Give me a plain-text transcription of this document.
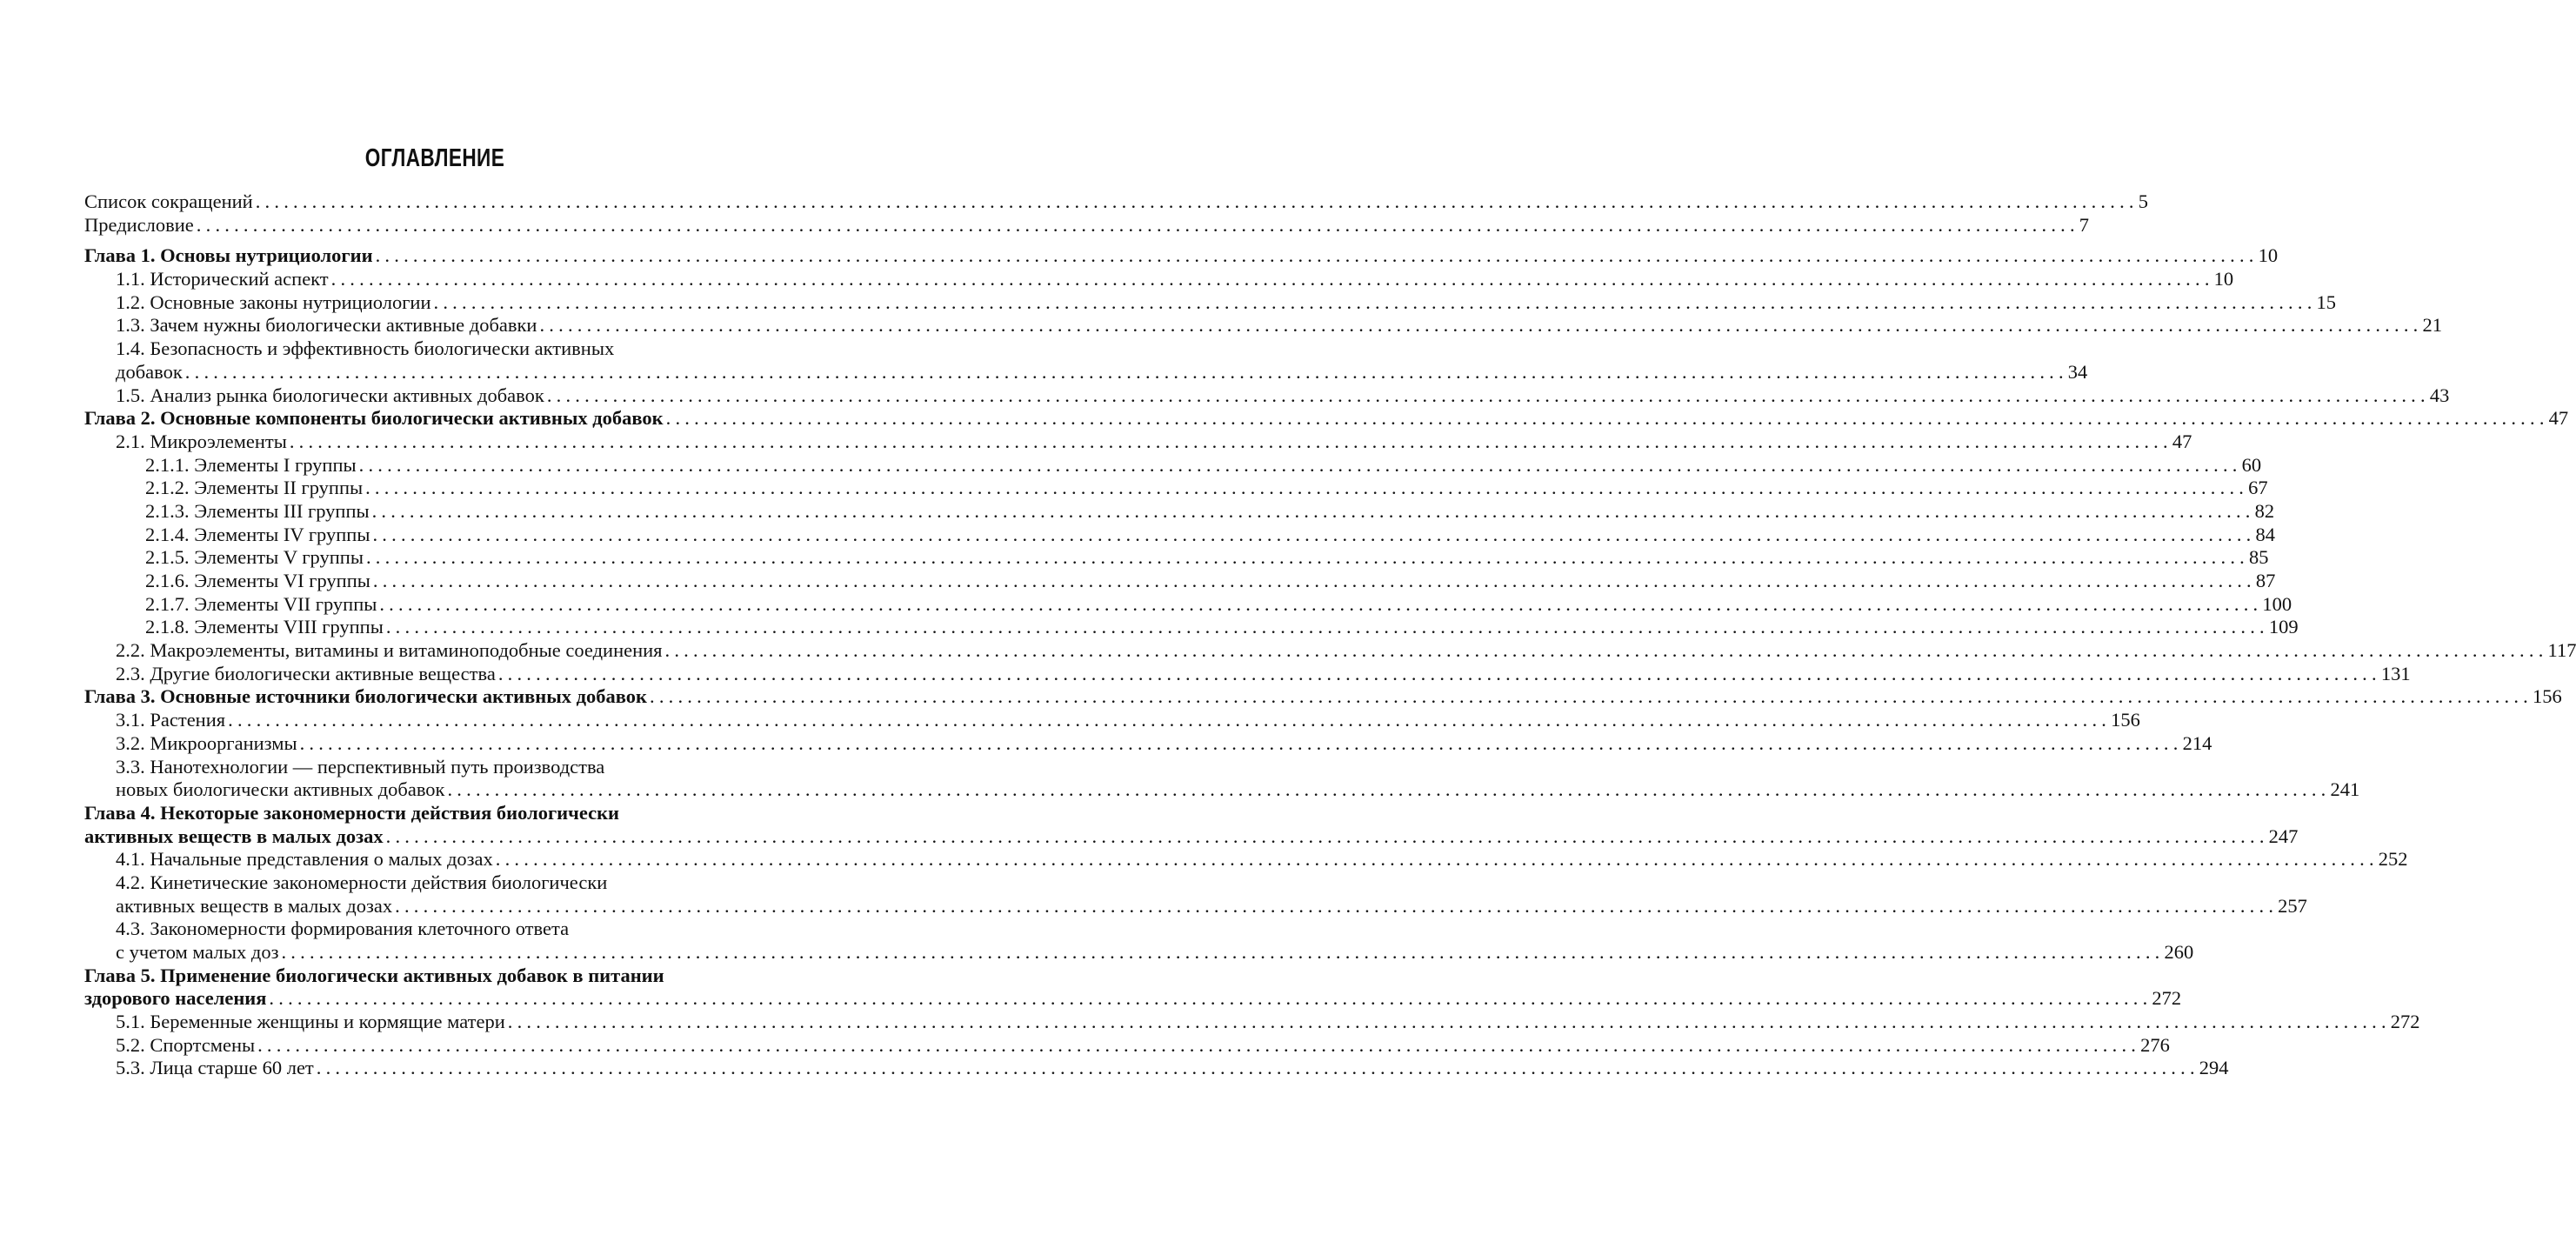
ОГЛАВЛЕНИЕ
Список сокращений ........................................................................................................................................................................................................ 5
Предисловие ........................................................................................................................................................................................................ 7
Глава 1. Основы нутрициологии ........................................................................................................................................................................................................ 10
1.1. Исторический аспект ........................................................................................................................................................................................................ 10
1.2. Основные законы нутрициологии ........................................................................................................................................................................................................ 15
1.3. Зачем нужны биологически активные добавки ........................................................................................................................................................................................................ 21
1.4. Безопасность и эффективность биологически активных
добавок ........................................................................................................................................................................................................ 34
1.5. Анализ рынка биологически активных добавок ........................................................................................................................................................................................................ 43
Глава 2. Основные компоненты биологически активных добавок ........................................................................................................................................................................................................ 47
2.1. Микроэлементы ........................................................................................................................................................................................................ 47
2.1.1. Элементы I группы ........................................................................................................................................................................................................ 60
2.1.2. Элементы II группы ........................................................................................................................................................................................................ 67
2.1.3. Элементы III группы ........................................................................................................................................................................................................ 82
2.1.4. Элементы IV группы ........................................................................................................................................................................................................ 84
2.1.5. Элементы V группы ........................................................................................................................................................................................................ 85
2.1.6. Элементы VI группы ........................................................................................................................................................................................................ 87
2.1.7. Элементы VII группы ........................................................................................................................................................................................................ 100
2.1.8. Элементы VIII группы ........................................................................................................................................................................................................ 109
2.2. Макроэлементы, витамины и витаминоподобные соединения ........................................................................................................................................................................................................ 117
2.3. Другие биологически активные вещества ........................................................................................................................................................................................................ 131
Глава 3. Основные источники биологически активных добавок ........................................................................................................................................................................................................ 156
3.1. Растения ........................................................................................................................................................................................................ 156
3.2. Микроорганизмы ........................................................................................................................................................................................................ 214
3.3. Нанотехнологии — перспективный путь производства
новых биологически активных добавок ........................................................................................................................................................................................................ 241
Глава 4. Некоторые закономерности действия биологически
активных веществ в малых дозах ........................................................................................................................................................................................................ 247
4.1. Начальные представления о малых дозах ........................................................................................................................................................................................................ 252
4.2. Кинетические закономерности действия биологически
активных веществ в малых дозах ........................................................................................................................................................................................................ 257
4.3. Закономерности формирования клеточного ответа
с учетом малых доз ........................................................................................................................................................................................................ 260
Глава 5. Применение биологически активных добавок в питании
здорового населения ........................................................................................................................................................................................................ 272
5.1. Беременные женщины и кормящие матери ........................................................................................................................................................................................................ 272
5.2. Спортсмены ........................................................................................................................................................................................................ 276
5.3. Лица старше 60 лет ........................................................................................................................................................................................................ 294
